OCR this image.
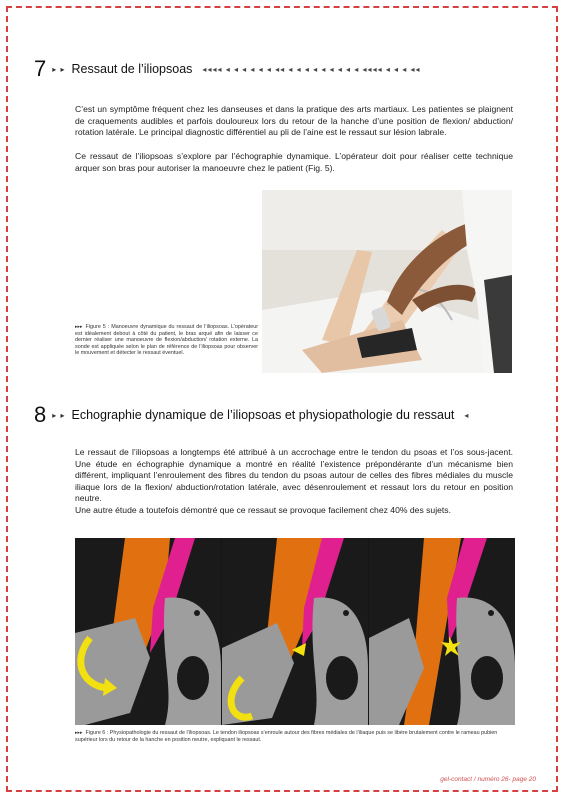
7 ▸ ▸ Ressaut de l’iliopsoas ◂◂◂◂ ◂ ◂ ◂ ◂ ◂ ◂ ◂◂ ◂ ◂ ◂ ◂ ◂ ◂ ◂ ◂ ◂ ◂◂◂◂ ◂ ◂ ◂ ◂◂

C’est un symptôme fréquent chez les danseuses et dans la pratique des arts martiaux. Les patientes se plaignent de craquements audibles et parfois douloureux lors du retour de la hanche d’une position de flexion/ abduction/ rotation latérale. Le principal diagnostic différentiel au pli de l’aine est le ressaut sur lésion labrale.

Ce ressaut de l’iliopsoas s’explore par l’échographie dynamique. L’opérateur doit pour réaliser cette technique arquer son bras pour autoriser la manoeuvre chez le patient (Fig. 5).

▸▸▸ Figure 5 : Manoeuvre dynamique du ressaut de l’iliopsoas. L’opérateur est idéalement debout à côté du patient, le bras arqué afin de laisser ce dernier réaliser une manoeuvre de flexion/abduction/ rotation externe. La sonde est appliquée selon le plan de référence de l’iliopsoas pour observer le mouvement et détecter le ressaut éventuel.
8 ▸ ▸ Echographie dynamique de l’iliopsoas et physiopathologie du ressaut ◂

Le ressaut de l’iliopsoas a longtemps été attribué à un accrochage entre le tendon du psoas et l’os sous-jacent. Une étude en échographie dynamique a montré en réalité l’existence prépondérante d’un mécanisme bien différent, impliquant l’enroulement des fibres du tendon du psoas autour de celles des fibres médiales du muscle iliaque lors de la flexion/ abduction/rotation latérale, avec désenroulement et ressaut lors du retour en position neutre.

Une autre étude a toutefois démontré que ce ressaut se provoque facilement chez 40% des sujets.

▸▸▸ Figure 6 : Physiopathologie du ressaut de l’iliopsoas. Le tendon iliopsoas s’enroule autour des fibres médiales de l’iliaque puis se libère brutalement contre le rameau pubien supérieur lors du retour de la hanche en position neutre, expliquant le ressaut.
gel-contact / numéro 26- page 20
